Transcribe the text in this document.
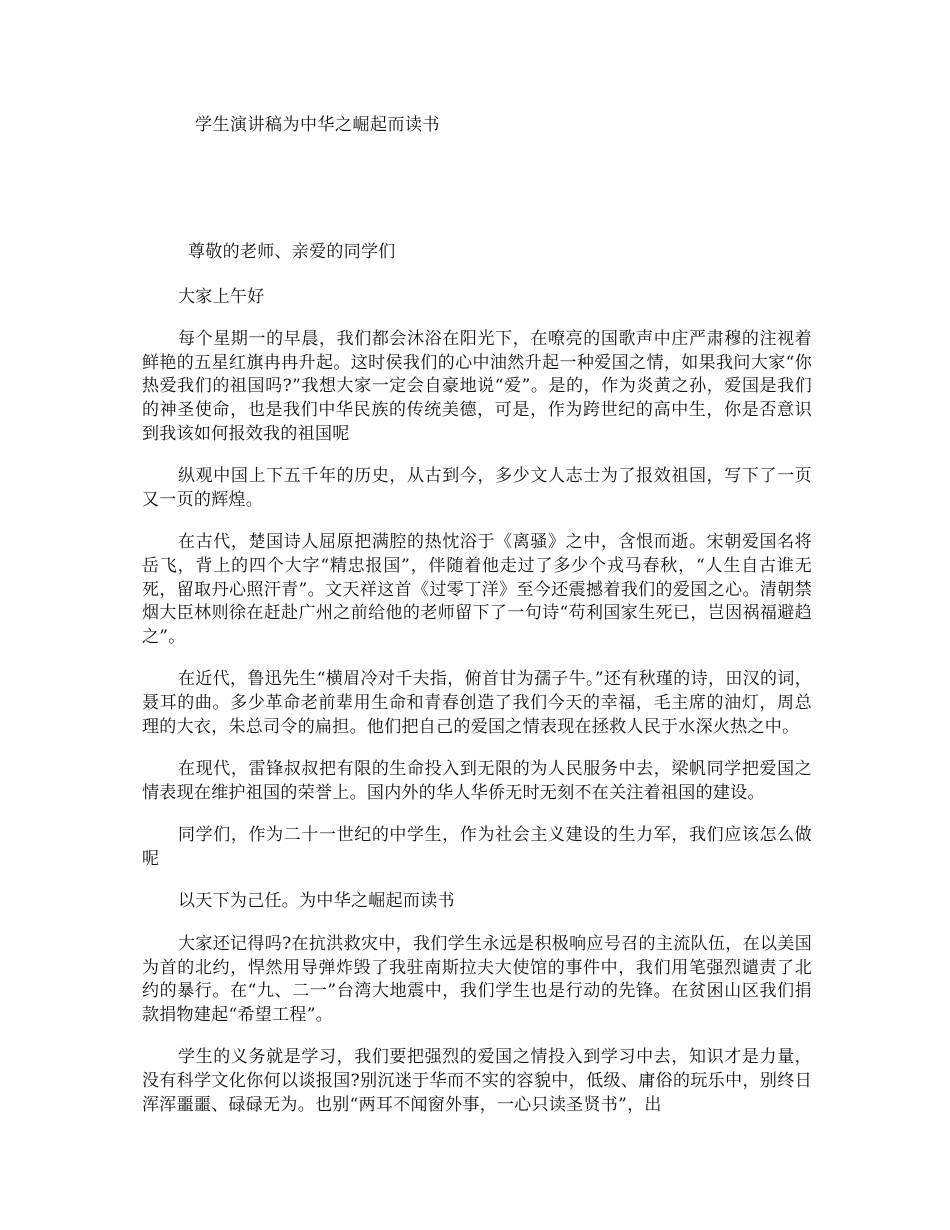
学生演讲稿为中华之崛起而读书

尊敬的老师、亲爱的同学们

大家上午好

每个星期一的早晨，我们都会沐浴在阳光下，在嘹亮的国歌声中庄严肃穆的注视着鲜艳的五星红旗冉冉升起。这时侯我们的心中油然升起一种爱国之情，如果我问大家“你热爱我们的祖国吗?”我想大家一定会自豪地说“爱”。是的，作为炎黄之孙，爱国是我们的神圣使命，也是我们中华民族的传统美德，可是，作为跨世纪的高中生，你是否意识到我该如何报效我的祖国呢

纵观中国上下五千年的历史，从古到今，多少文人志士为了报效祖国，写下了一页又一页的辉煌。

在古代，楚国诗人屈原把满腔的热忱浴于《离骚》之中，含恨而逝。宋朝爱国名将岳飞，背上的四个大字“精忠报国”，伴随着他走过了多少个戎马春秋，“人生自古谁无死，留取丹心照汗青”。文天祥这首《过零丁洋》至今还震撼着我们的爱国之心。清朝禁烟大臣林则徐在赶赴广州之前给他的老师留下了一句诗“苟利国家生死已，岂因祸福避趋之”。

在近代，鲁迅先生“横眉冷对千夫指，俯首甘为孺子牛。”还有秋瑾的诗，田汉的词，聂耳的曲。多少革命老前辈用生命和青春创造了我们今天的幸福，毛主席的油灯，周总理的大衣，朱总司令的扁担。他们把自己的爱国之情表现在拯救人民于水深火热之中。

在现代，雷锋叔叔把有限的生命投入到无限的为人民服务中去，梁帆同学把爱国之情表现在维护祖国的荣誉上。国内外的华人华侨无时无刻不在关注着祖国的建设。

同学们，作为二十一世纪的中学生，作为社会主义建设的生力军，我们应该怎么做呢

以天下为己任。为中华之崛起而读书

大家还记得吗?在抗洪救灾中，我们学生永远是积极响应号召的主流队伍，在以美国为首的北约，悍然用导弹炸毁了我驻南斯拉夫大使馆的事件中，我们用笔强烈谴责了北约的暴行。在“九、二一”台湾大地震中，我们学生也是行动的先锋。在贫困山区我们捐款捐物建起“希望工程”。

学生的义务就是学习，我们要把强烈的爱国之情投入到学习中去，知识才是力量，没有科学文化你何以谈报国?别沉迷于华而不实的容貌中，低级、庸俗的玩乐中，别终日浑浑噩噩、碌碌无为。也别“两耳不闻窗外事，一心只读圣贤书”，出
